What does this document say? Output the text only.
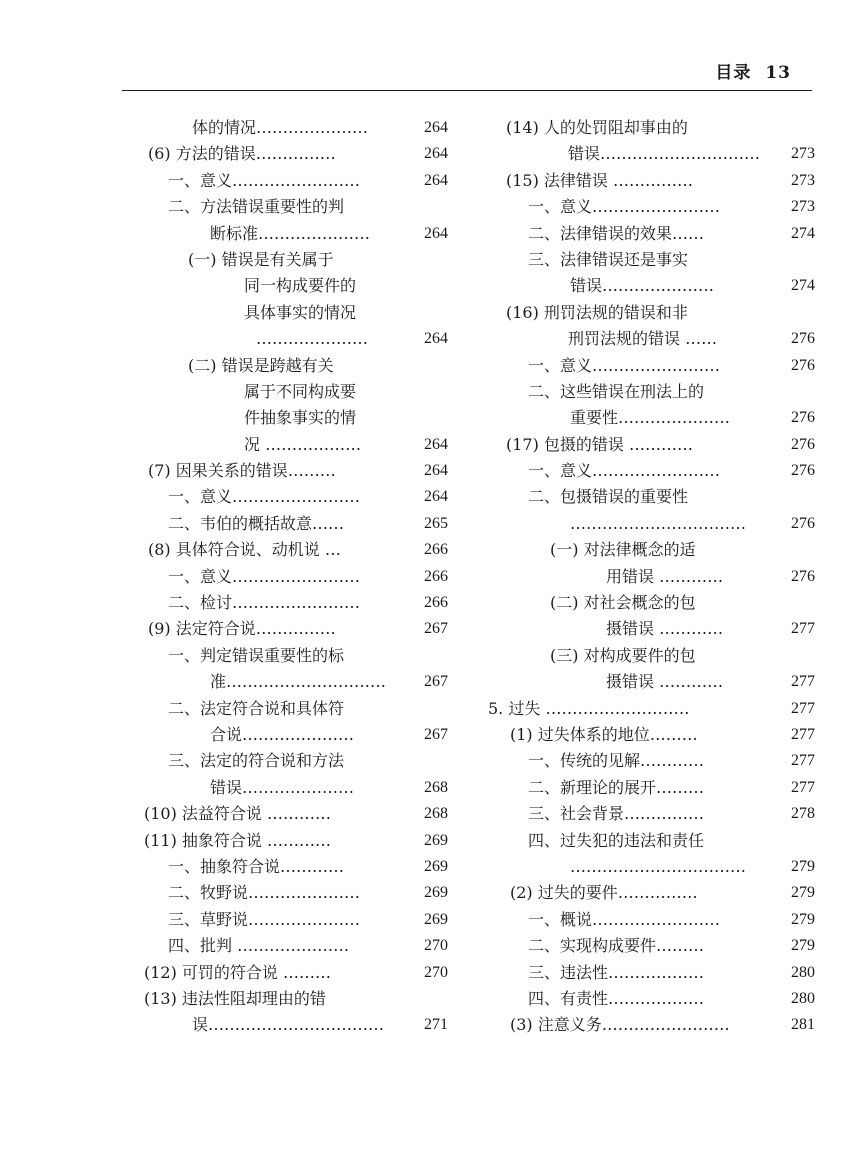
目录 13
体的情况…………………	264
(6) 方法的错误……………	264
一、意义……………………	264
二、方法错误重要性的判
断标准…………………	264
(一) 错误是有关属于
同一构成要件的
具体事实的情况
…………………	264
(二) 错误是跨越有关
属于不同构成要
件抽象事实的情
况 ………………	264
(7) 因果关系的错误………	264
一、意义……………………	264
二、韦伯的概括故意……	265
(8) 具体符合说、动机说 …	266
一、意义……………………	266
二、检讨……………………	266
(9) 法定符合说……………	267
一、判定错误重要性的标
准………………………… 267
二、法定符合说和具体符
合说…………………	267
三、法定的符合说和方法
错误…………………	268
(10) 法益符合说 …………	268
(11) 抽象符合说 …………	269
一、抽象符合说…………	269
二、牧野说…………………	269
三、草野说…………………	269
四、批判 …………………	270
(12) 可罚的符合说 ………	270
(13) 违法性阻却理由的错
误…………………………… 271
(14) 人的处罚阻却事由的
错误………………………… 273
(15) 法律错误 ……………	273
一、意义……………………	273
二、法律错误的效果……	274
三、法律错误还是事实
错误…………………	274
(16) 刑罚法规的错误和非
刑罚法规的错误 ……	276
一、意义……………………	276
二、这些错误在刑法上的
重要性…………………	276
(17) 包摄的错误 …………	276
一、意义……………………	276
二、包摄错误的重要性
……………………………	276
(一) 对法律概念的适
用错误 …………	276
(二) 对社会概念的包
摄错误 …………	277
(三) 对构成要件的包
摄错误 …………	277
5. 过失 ………………………	277
(1) 过失体系的地位………	277
一、传统的见解…………	277
二、新理论的展开………	277
三、社会背景……………	278
四、过失犯的违法和责任
……………………………	279
(2) 过失的要件……………	279
一、概说……………………	279
二、实现构成要件………	279
三、违法性………………	280
四、有责性………………	280
(3) 注意义务……………………	281
